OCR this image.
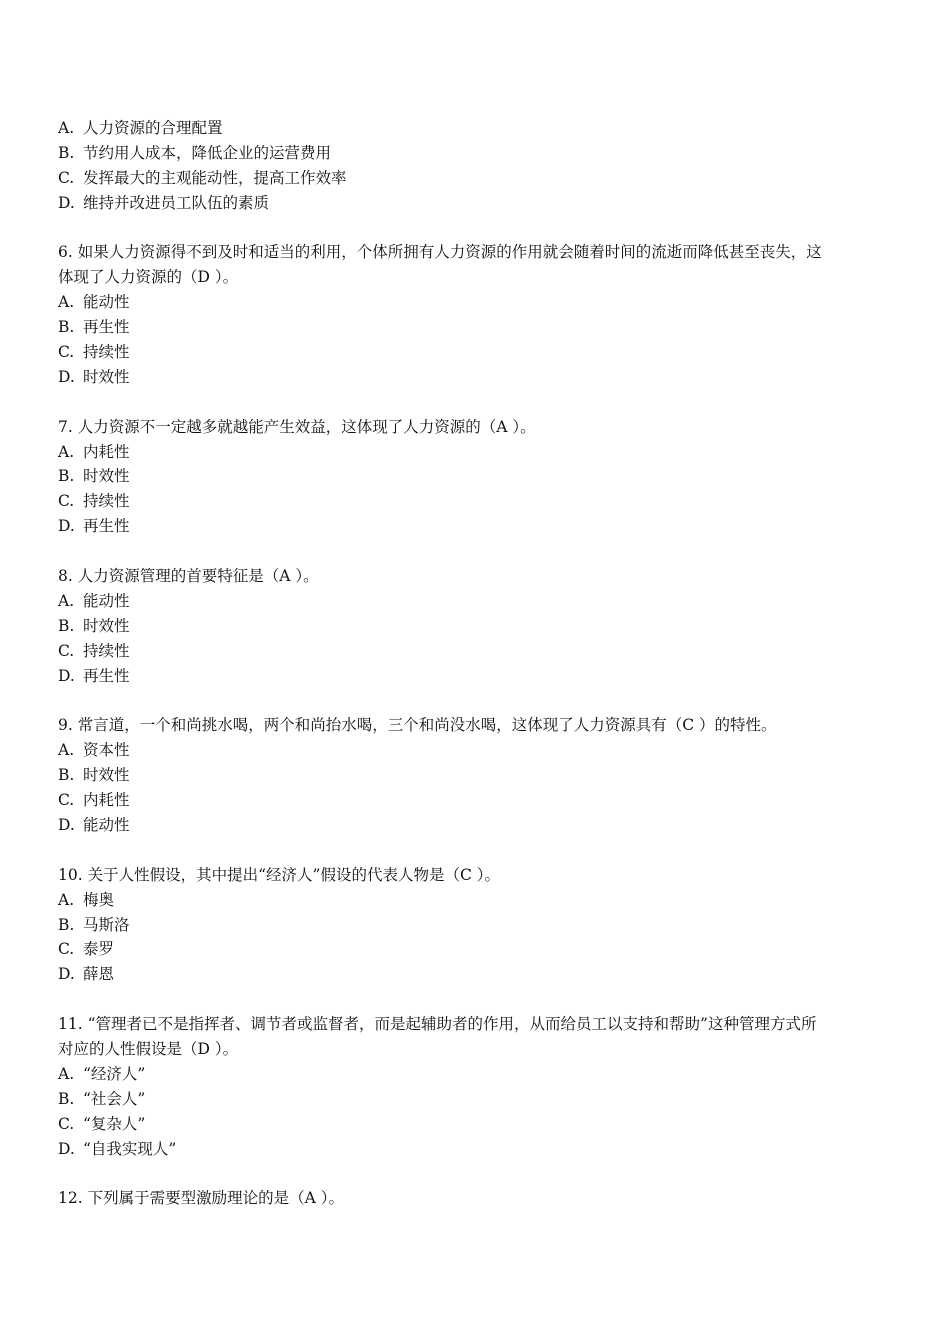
A. 人力资源的合理配置
B. 节约用人成本，降低企业的运营费用
C. 发挥最大的主观能动性，提高工作效率
D. 维持并改进员工队伍的素质
6. 如果人力资源得不到及时和适当的利用，个体所拥有人力资源的作用就会随着时间的流逝而降低甚至丧失，这
体现了人力资源的（D ）。
A. 能动性
B. 再生性
C. 持续性
D. 时效性
7. 人力资源不一定越多就越能产生效益，这体现了人力资源的（A ）。
A. 内耗性
B. 时效性
C. 持续性
D. 再生性
8. 人力资源管理的首要特征是（A ）。
A. 能动性
B. 时效性
C. 持续性
D. 再生性
9. 常言道，一个和尚挑水喝，两个和尚抬水喝，三个和尚没水喝，这体现了人力资源具有（C ）的特性。
A. 资本性
B. 时效性
C. 内耗性
D. 能动性
10. 关于人性假设，其中提出“经济人”假设的代表人物是（C ）。
A. 梅奥
B. 马斯洛
C. 泰罗
D. 薛恩
11. “管理者已不是指挥者、调节者或监督者，而是起辅助者的作用，从而给员工以支持和帮助”这种管理方式所
对应的人性假设是（D ）。
A. “经济人”
B. “社会人”
C. “复杂人”
D. “自我实现人”
12. 下列属于需要型激励理论的是（A ）。
